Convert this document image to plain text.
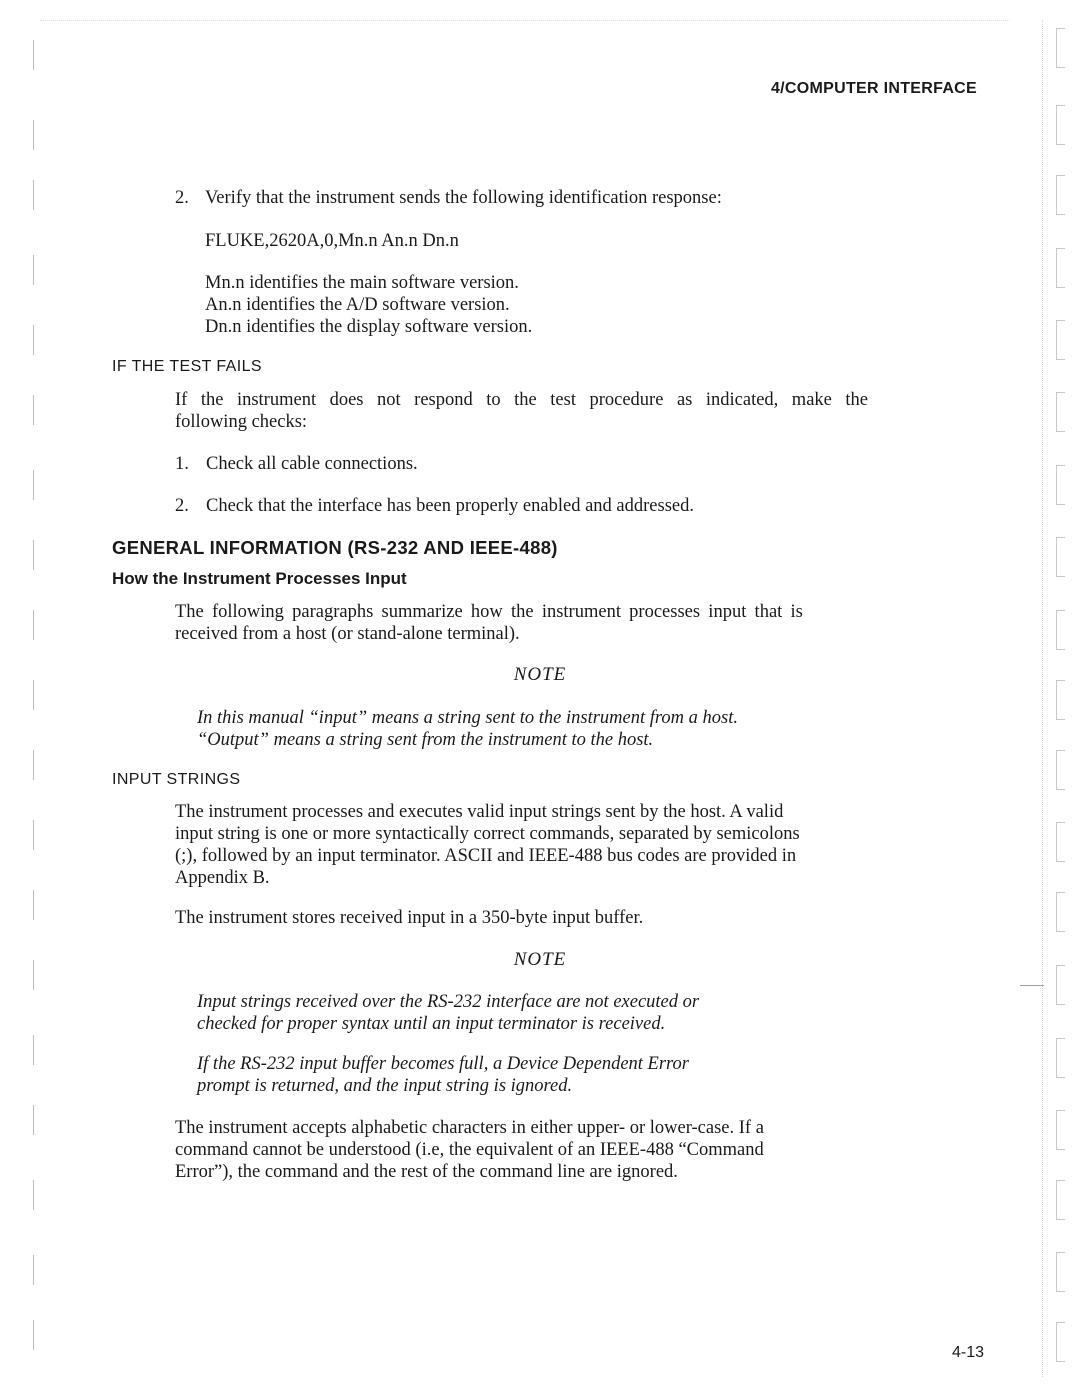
4/COMPUTER INTERFACE
2. Verify that the instrument sends the following identification response:
FLUKE,2620A,0,Mn.n An.n Dn.n
Mn.n identifies the main software version.
An.n identifies the A/D software version.
Dn.n identifies the display software version.
IF THE TEST FAILS
If the instrument does not respond to the test procedure as indicated, make the
following checks:
1. Check all cable connections.
2. Check that the interface has been properly enabled and addressed.
GENERAL INFORMATION (RS-232 AND IEEE-488)
How the Instrument Processes Input
The following paragraphs summarize how the instrument processes input that is
received from a host (or stand-alone terminal).
NOTE
In this manual “input” means a string sent to the instrument from a host.
“Output” means a string sent from the instrument to the host.
INPUT STRINGS
The instrument processes and executes valid input strings sent by the host. A valid
input string is one or more syntactically correct commands, separated by semicolons
(;), followed by an input terminator. ASCII and IEEE-488 bus codes are provided in
Appendix B.
The instrument stores received input in a 350-byte input buffer.
NOTE
Input strings received over the RS-232 interface are not executed or
checked for proper syntax until an input terminator is received.
If the RS-232 input buffer becomes full, a Device Dependent Error
prompt is returned, and the input string is ignored.
The instrument accepts alphabetic characters in either upper- or lower-case. If a
command cannot be understood (i.e, the equivalent of an IEEE-488 “Command
Error”), the command and the rest of the command line are ignored.
4-13
